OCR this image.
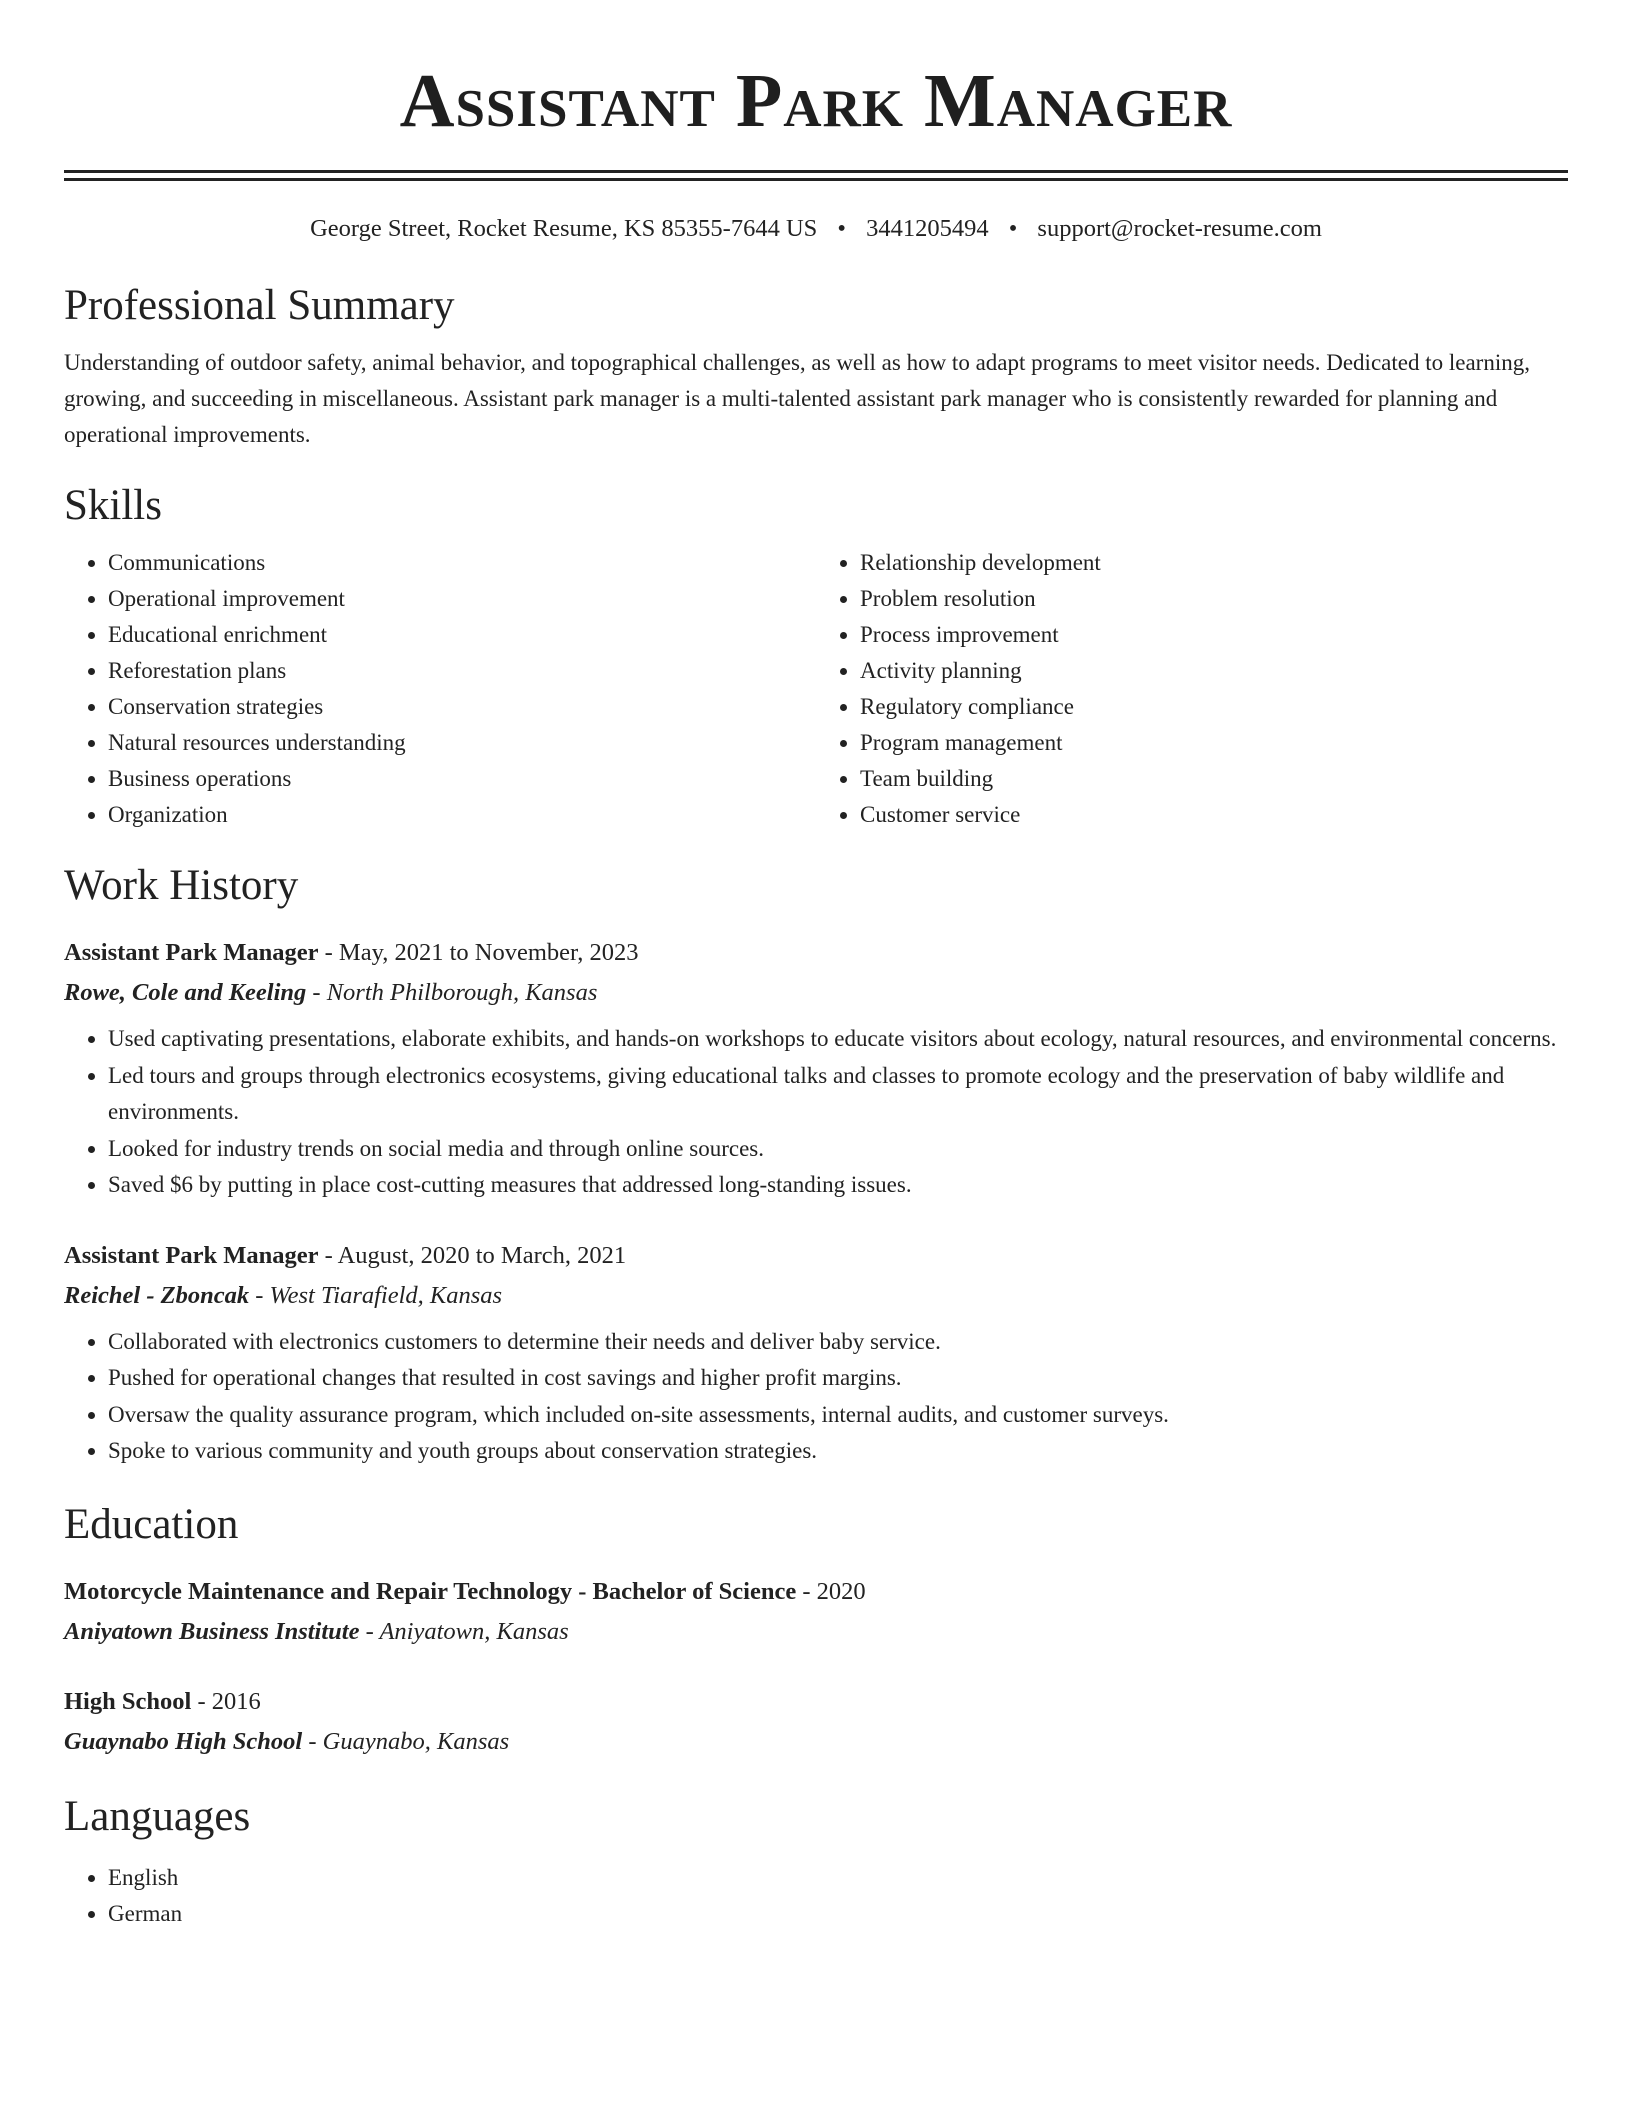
Assistant Park Manager
George Street, Rocket Resume, KS 85355-7644 US • 3441205494 • support@rocket-resume.com
Professional Summary

Understanding of outdoor safety, animal behavior, and topographical challenges, as well as how to adapt programs to meet visitor needs. Dedicated to learning, growing, and succeeding in miscellaneous. Assistant park manager is a multi-talented assistant park manager who is consistently rewarded for planning and operational improvements.

Skills
• Communications
• Operational improvement
• Educational enrichment
• Reforestation plans
• Conservation strategies
• Natural resources understanding
• Business operations
• Organization
• Relationship development
• Problem resolution
• Process improvement
• Activity planning
• Regulatory compliance
• Program management
• Team building
• Customer service
Work History
Assistant Park Manager - May, 2021 to November, 2023
Rowe, Cole and Keeling - North Philborough, Kansas
• Used captivating presentations, elaborate exhibits, and hands-on workshops to educate visitors about ecology, natural resources, and environmental concerns.
• Led tours and groups through electronics ecosystems, giving educational talks and classes to promote ecology and the preservation of baby wildlife and environments.
• Looked for industry trends on social media and through online sources.
• Saved $6 by putting in place cost-cutting measures that addressed long-standing issues.
Assistant Park Manager - August, 2020 to March, 2021
Reichel - Zboncak - West Tiarafield, Kansas
• Collaborated with electronics customers to determine their needs and deliver baby service.
• Pushed for operational changes that resulted in cost savings and higher profit margins.
• Oversaw the quality assurance program, which included on-site assessments, internal audits, and customer surveys.
• Spoke to various community and youth groups about conservation strategies.
Education
Motorcycle Maintenance and Repair Technology - Bachelor of Science - 2020
Aniyatown Business Institute - Aniyatown, Kansas
High School - 2016
Guaynabo High School - Guaynabo, Kansas
Languages
• English
• German
